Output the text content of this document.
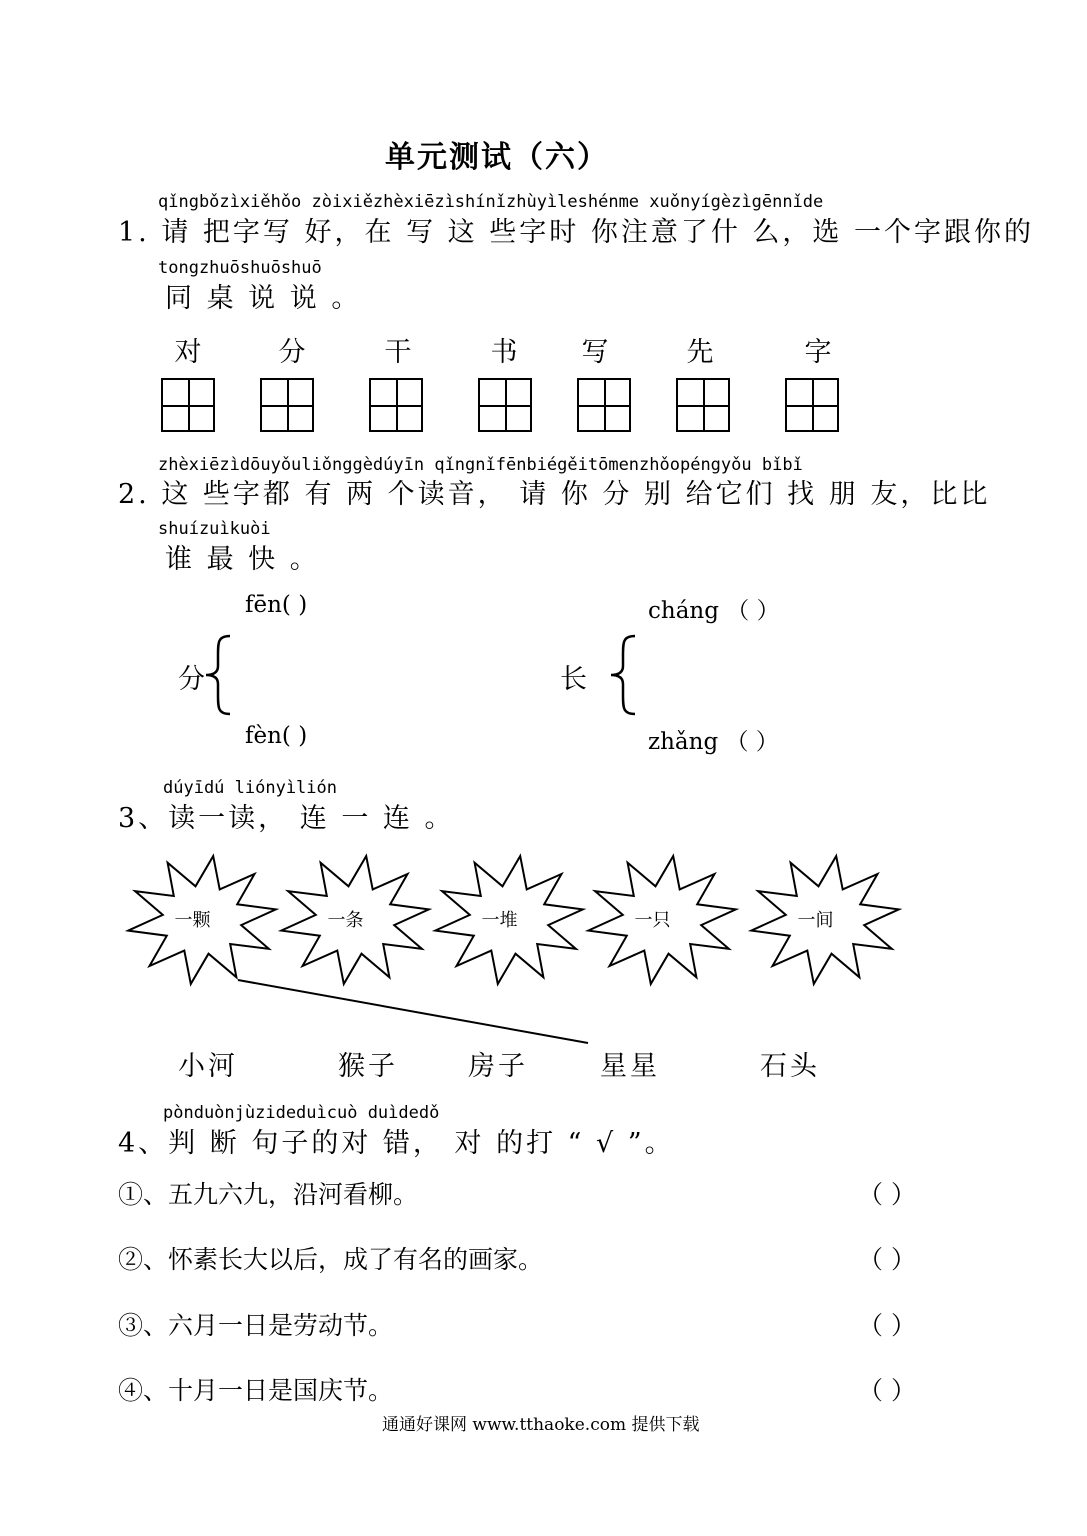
单元测试（六）
qǐngbǒzìxiěhǒo zòixiězhèxiēzìshínǐzhùyìleshénme xuǒnyígèzìgēnnǐde
1. 请 把字写 好，在 写 这 些字时 你注意了什 么，选 一个字跟你的
tongzhuōshuōshuō
同 桌 说 说 。
对	分	干	书 写	先	字
zhèxiēzìdōuyǒuliǒnggèdúyīn qǐngnǐfēnbiégěitōmenzhǒopéngyǒu bǐbǐ
2. 这 些字都 有 两 个读音， 请 你 分 别 给它们 找 朋 友，比比
shuízuìkuòi
谁 最 快 。
fēn( )
分
fèn( )
cháng （ ）
长
zhǎng （ ）
dúyīdú liónyìlión
3、读一读， 连 一 连 。
一颗	一条	一堆	一只	一间
小河	猴子	房子	星星	石头
pònduònjùzideduìcuò duìdedǒ
4、判 断 句子的对 错， 对 的打 “ √ ”。
①、五九六九，沿河看柳。	（ ）
②、怀素长大以后，成了有名的画家。	（ ）
③、六月一日是劳动节。	（ ）
④、十月一日是国庆节。	（ ）
通通好课网 www.tthaoke.com 提供下载
